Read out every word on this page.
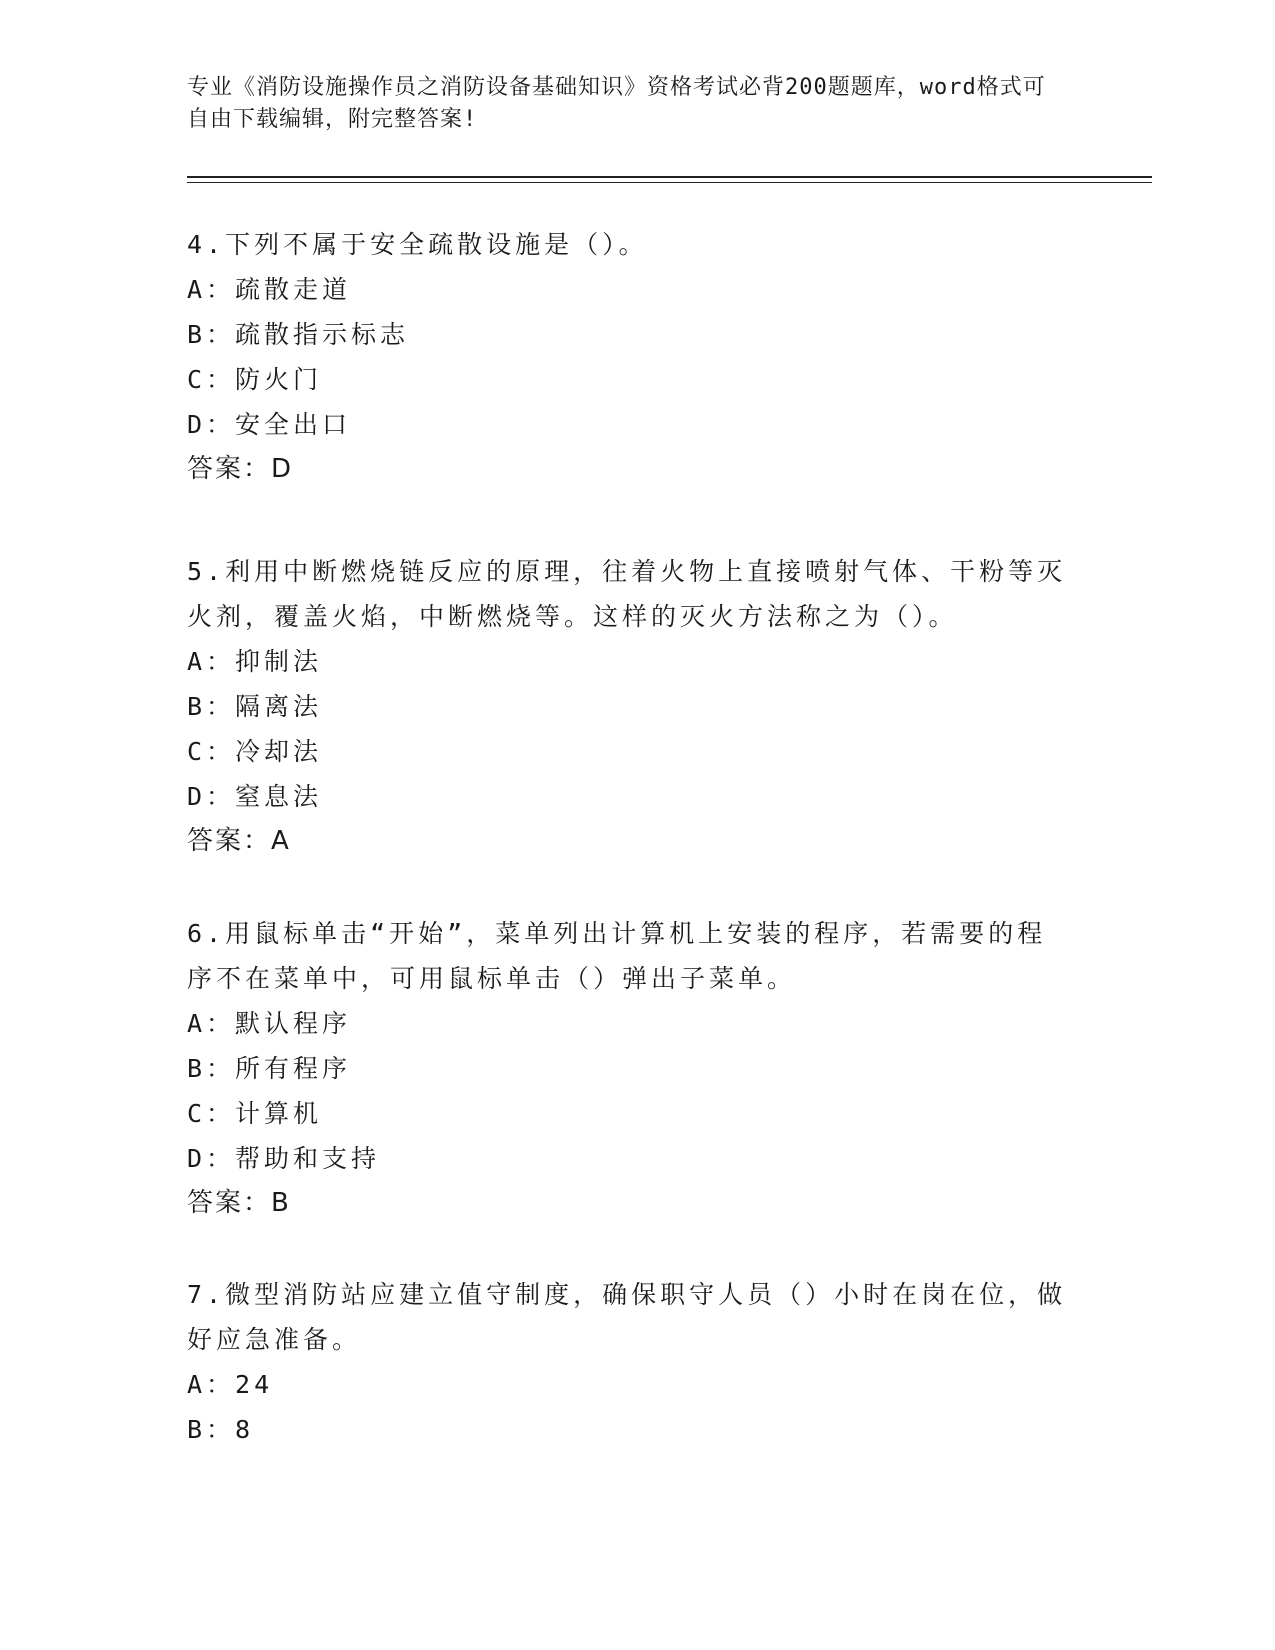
专业《消防设施操作员之消防设备基础知识》资格考试必背200题题库，word格式可自由下载编辑，附完整答案!

4.下列不属于安全疏散设施是（）。

A：疏散走道

B：疏散指示标志

C：防火门

D：安全出口

答案：D

5.利用中断燃烧链反应的原理，往着火物上直接喷射气体、干粉等灭火剂，覆盖火焰，中断燃烧等。这样的灭火方法称之为（）。

A：抑制法

B：隔离法

C：冷却法

D：窒息法

答案：A

6.用鼠标单击“开始”，菜单列出计算机上安装的程序，若需要的程序不在菜单中，可用鼠标单击（）弹出子菜单。

A：默认程序

B：所有程序

C：计算机

D：帮助和支持

答案：B

7.微型消防站应建立值守制度，确保职守人员（）小时在岗在位，做好应急准备。

A：24

B：8
